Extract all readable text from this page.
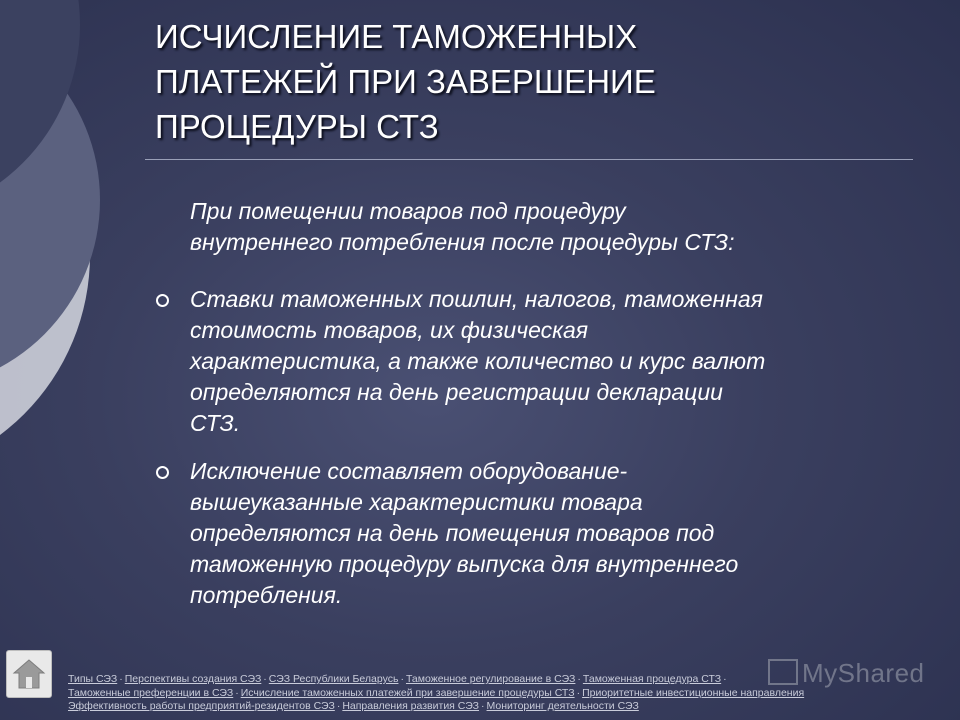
ИСЧИСЛЕНИЕ ТАМОЖЕННЫХ
ПЛАТЕЖЕЙ ПРИ ЗАВЕРШЕНИЕ
ПРОЦЕДУРЫ СТЗ
При помещении товаров под процедуру
внутреннего потребления после процедуры СТЗ:
Ставки таможенных пошлин, налогов, таможенная
стоимость товаров, их физическая
характеристика, а также количество и курс валют
определяются на день регистрации декларации
СТЗ.
Исключение составляет оборудование-
вышеуказанные характеристики товара
определяются на день помещения товаров под
таможенную процедуру выпуска для внутреннего
потребления.
MyShared
Типы СЭЗ · Перспективы создания СЭЗ · СЭЗ Республики Беларусь · Таможенное регулирование в СЭЗ · Таможенная процедура СТЗ ·
Таможенные преференции в СЭЗ · Исчисление таможенных платежей при завершение процедуры СТЗ · Приоритетные инвестиционные направления
Эффективность работы предприятий-резидентов СЭЗ · Направления развития СЭЗ · Мониторинг деятельности СЭЗ
